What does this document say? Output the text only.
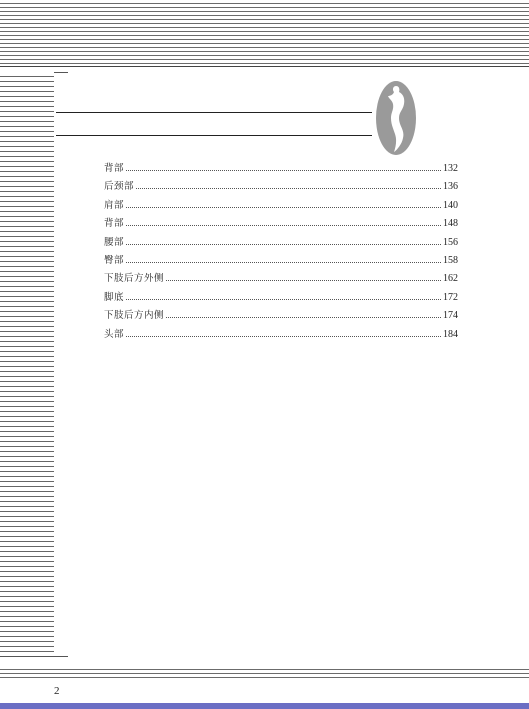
背部	132
后颈部	136
肩部	140
背部	148
腰部	156
臀部	158
下肢后方外侧	162
脚底	172
下肢后方内侧	174
头部	184
2
